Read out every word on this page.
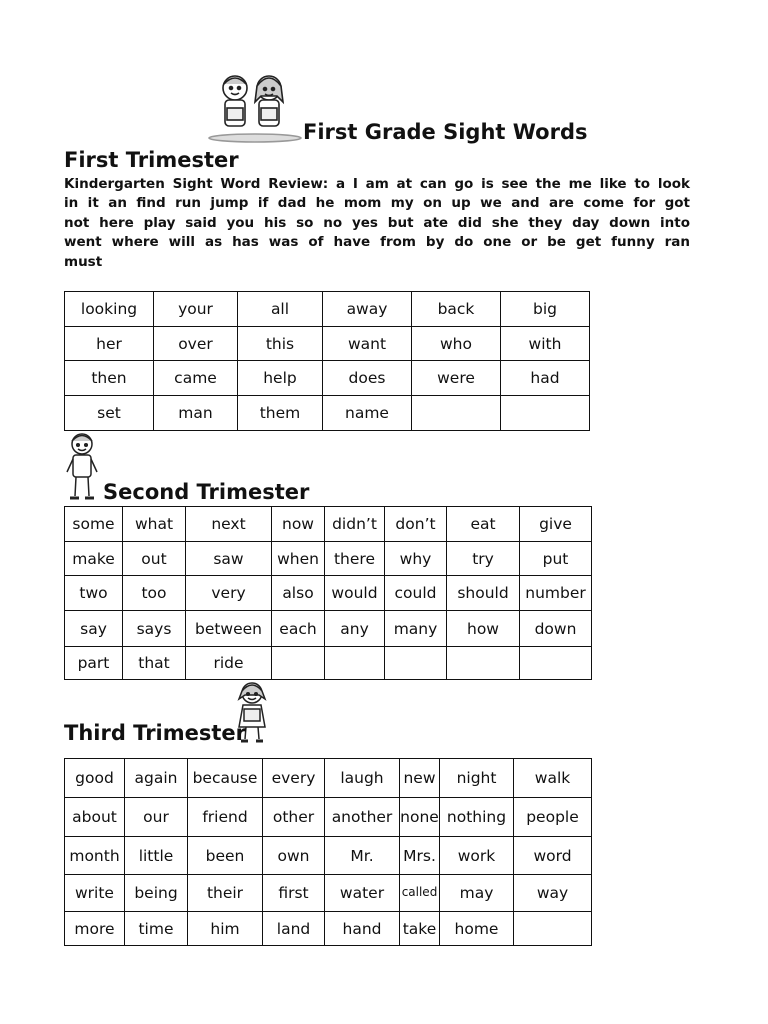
First Grade Sight Words
First Trimester
Kindergarten Sight Word Review: a I am at can go is see the me like to look in it an find run jump if dad he mom my on up we and are come for got not here play said you his so no yes but ate did she they day down into went where will as has was of have from by do one or be get funny ran must
looking	your	all	away	back	big
her	over	this	want	who	with
then	came	help	does	were	had
set	man	them	name		
Second Trimester
some	what	next	now	didn’t	don’t	eat	give
make	out	saw	when	there	why	try	put
two	too	very	also	would	could	should	number
say	says	between	each	any	many	how	down
part	that	ride					
Third Trimester
good	again	because	every	laugh	new	night	walk
about	our	friend	other	another	none	nothing	people
month	little	been	own	Mr.	Mrs.	work	word
write	being	their	first	water	called	may	way
more	time	him	land	hand	take	home	
